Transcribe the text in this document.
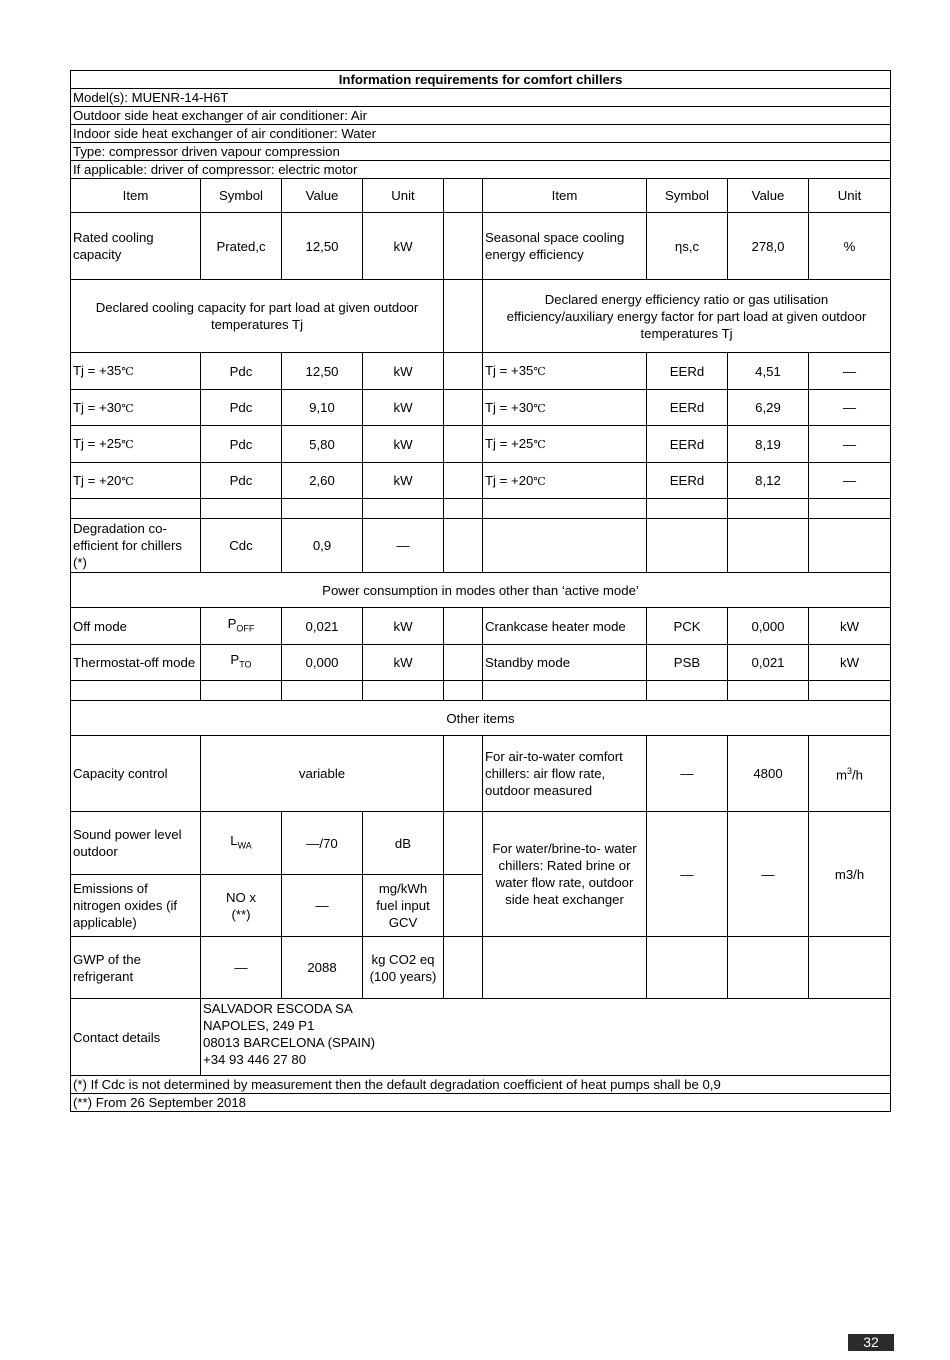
Information requirements for comfort chillers								
Model(s): MUENR-14-H6T								
Outdoor side heat exchanger of air conditioner: Air								
Indoor side heat exchanger of air conditioner: Water								
Type: compressor driven vapour compression								
If applicable: driver of compressor: electric motor								
Item	Symbol	Value	Unit		Item	Symbol	Value	Unit
Rated cooling capacity	Prated,c	12,50	kW		Seasonal space cooling energy efficiency	ηs,c	278,0	%
Declared cooling capacity for part load at given outdoor temperatures Tj					Declared energy efficiency ratio or gas utilisation efficiency/auxiliary energy factor for part load at given outdoor temperatures Tj			
Tj = +35℃	Pdc	12,50	kW		Tj = +35℃	EERd	4,51	—
Tj = +30℃	Pdc	9,10	kW		Tj = +30℃	EERd	6,29	—
Tj = +25℃	Pdc	5,80	kW		Tj = +25℃	EERd	8,19	—
Tj = +20℃	Pdc	2,60	kW		Tj = +20℃	EERd	8,12	—

Degradation co-efficient for chillers (*)	Cdc	0,9	—					
Power consumption in modes other than ‘active mode’								
Off mode	$P_{OFF}$	0,021	kW		Crankcase heater mode	PCK	0,000	kW
Thermostat-off mode	$P_{TO}$	0,000	kW		Standby mode	PSB	0,021	kW

Other items								
Capacity control	variable				For air-to-water comfort chillers: air flow rate, outdoor measured	—	4800	$m^3/h$
Sound power level outdoor	$L_{WA}$	—/70	dB		For water/brine-to- water chillers: Rated brine or water flow rate, outdoor side heat exchanger	—	—	m3/h
Emissions of nitrogen oxides (if applicable)	NO x (**)	—	mg/kWh fuel input GCV					
GWP of the refrigerant	—	2088	kg CO2 eq (100 years)					
Contact details	SALVADOR ESCODA SA
NAPOLES, 249 P1
08013 BARCELONA (SPAIN)
+34 93 446 27 80							

(*) If Cdc is not determined by measurement then the default degradation coefficient of heat pumps shall be 0,9								
(**) From 26 September 2018								
32
